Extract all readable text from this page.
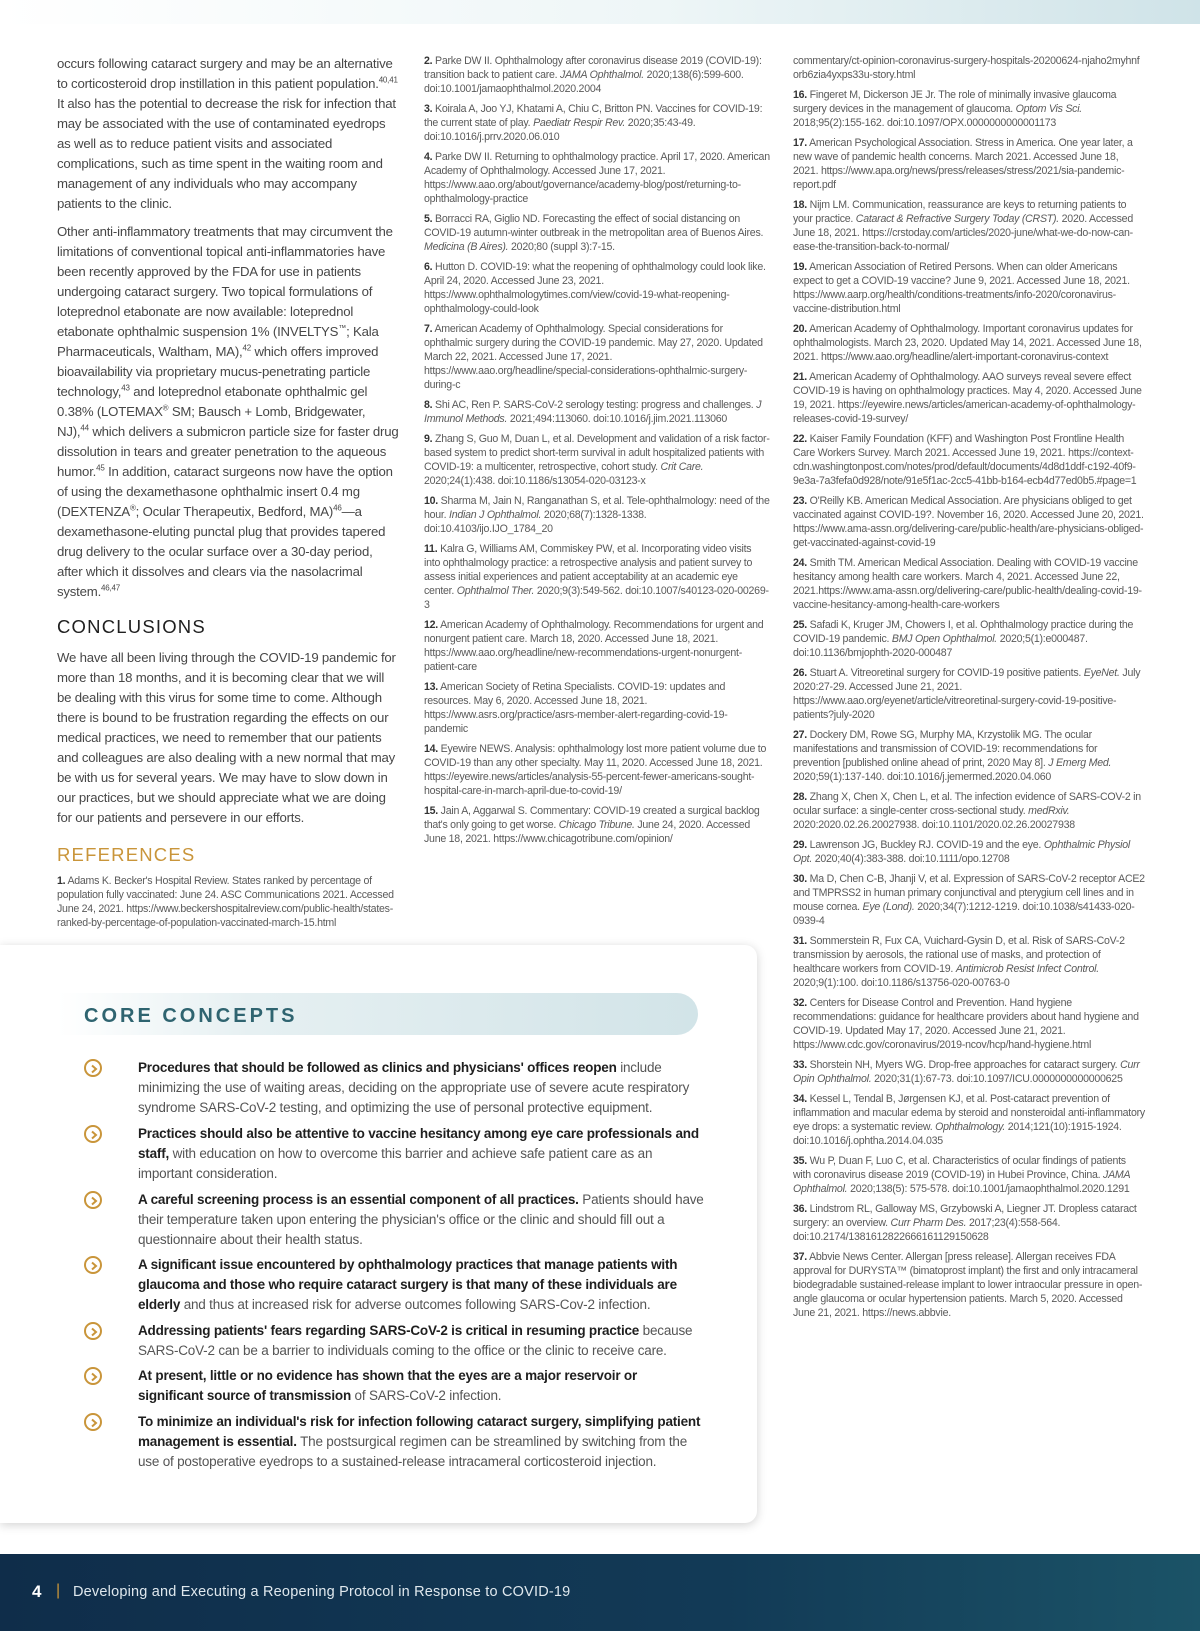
occurs following cataract surgery and may be an alternative to corticosteroid drop instillation in this patient population.$^{40,41}$ It also has the potential to decrease the risk for infection that may be associated with the use of contaminated eyedrops as well as to reduce patient visits and associated complications, such as time spent in the waiting room and management of any individuals who may accompany patients to the clinic.

Other anti-inflammatory treatments that may circumvent the limitations of conventional topical anti-inflammatories have been recently approved by the FDA for use in patients undergoing cataract surgery. Two topical formulations of loteprednol etabonate are now available: loteprednol etabonate ophthalmic suspension 1% (INVELTYS™; Kala Pharmaceuticals, Waltham, MA),$^{42}$ which offers improved bioavailability via proprietary mucus-penetrating particle technology,$^{43}$ and loteprednol etabonate ophthalmic gel 0.38% (LOTEMAX® SM; Bausch + Lomb, Bridgewater, NJ),$^{44}$ which delivers a submicron particle size for faster drug dissolution in tears and greater penetration to the aqueous humor.$^{45}$ In addition, cataract surgeons now have the option of using the dexamethasone ophthalmic insert 0.4 mg (DEXTENZA®; Ocular Therapeutix, Bedford, MA)$^{46}$—a dexamethasone-eluting punctal plug that provides tapered drug delivery to the ocular surface over a 30-day period, after which it dissolves and clears via the nasolacrimal system.$^{46,47}$

CONCLUSIONS

We have all been living through the COVID-19 pandemic for more than 18 months, and it is becoming clear that we will be dealing with this virus for some time to come. Although there is bound to be frustration regarding the effects on our medical practices, we need to remember that our patients and colleagues are also dealing with a new normal that may be with us for several years. We may have to slow down in our practices, but we should appreciate what we are doing for our patients and persevere in our efforts.

REFERENCES

1. Adams K. Becker's Hospital Review. States ranked by percentage of population fully vaccinated: June 24. ASC Communications 2021. Accessed June 24, 2021. https://www.beckershospitalreview.com/public-health/states-ranked-by-percentage-of-population-vaccinated-march-15.html

2. Parke DW II. Ophthalmology after coronavirus disease 2019 (COVID-19): transition back to patient care. JAMA Ophthalmol. 2020;138(6):599-600. doi:10.1001/jamaophthalmol.2020.2004

3. Koirala A, Joo YJ, Khatami A, Chiu C, Britton PN. Vaccines for COVID-19: the current state of play. Paediatr Respir Rev. 2020;35:43-49. doi:10.1016/j.prrv.2020.06.010

4. Parke DW II. Returning to ophthalmology practice. April 17, 2020. American Academy of Ophthalmology. Accessed June 17, 2021. https://www.aao.org/about/governance/academy-blog/post/returning-to-ophthalmology-practice

5. Borracci RA, Giglio ND. Forecasting the effect of social distancing on COVID-19 autumn-winter outbreak in the metropolitan area of Buenos Aires. Medicina (B Aires). 2020;80 (suppl 3):7-15.

6. Hutton D. COVID-19: what the reopening of ophthalmology could look like. April 24, 2020. Accessed June 23, 2021. https://www.ophthalmologytimes.com/view/covid-19-what-reopening-ophthalmology-could-look

7. American Academy of Ophthalmology. Special considerations for ophthalmic surgery during the COVID-19 pandemic. May 27, 2020. Updated March 22, 2021. Accessed June 17, 2021. https://www.aao.org/headline/special-considerations-ophthalmic-surgery-during-c

8. Shi AC, Ren P. SARS-CoV-2 serology testing: progress and challenges. J Immunol Methods. 2021;494:113060. doi:10.1016/j.jim.2021.113060

9. Zhang S, Guo M, Duan L, et al. Development and validation of a risk factor-based system to predict short-term survival in adult hospitalized patients with COVID-19: a multicenter, retrospective, cohort study. Crit Care. 2020;24(1):438. doi:10.1186/s13054-020-03123-x

10. Sharma M, Jain N, Ranganathan S, et al. Tele-ophthalmology: need of the hour. Indian J Ophthalmol. 2020;68(7):1328-1338. doi:10.4103/ijo.IJO_1784_20

11. Kalra G, Williams AM, Commiskey PW, et al. Incorporating video visits into ophthalmology practice: a retrospective analysis and patient survey to assess initial experiences and patient acceptability at an academic eye center. Ophthalmol Ther. 2020;9(3):549-562. doi:10.1007/s40123-020-00269-3

12. American Academy of Ophthalmology. Recommendations for urgent and nonurgent patient care. March 18, 2020. Accessed June 18, 2021. https://www.aao.org/headline/new-recommendations-urgent-nonurgent-patient-care

13. American Society of Retina Specialists. COVID-19: updates and resources. May 6, 2020. Accessed June 18, 2021. https://www.asrs.org/practice/asrs-member-alert-regarding-covid-19-pandemic

14. Eyewire NEWS. Analysis: ophthalmology lost more patient volume due to COVID-19 than any other specialty. May 11, 2020. Accessed June 18, 2021. https://eyewire.news/articles/analysis-55-percent-fewer-americans-sought-hospital-care-in-march-april-due-to-covid-19/

15. Jain A, Aggarwal S. Commentary: COVID-19 created a surgical backlog that's only going to get worse. Chicago Tribune. June 24, 2020. Accessed June 18, 2021. https://www.chicagotribune.com/opinion/

commentary/ct-opinion-coronavirus-surgery-hospitals-20200624-njaho2myhnforb6zia4yxps33u-story.html

16. Fingeret M, Dickerson JE Jr. The role of minimally invasive glaucoma surgery devices in the management of glaucoma. Optom Vis Sci. 2018;95(2):155-162. doi:10.1097/OPX.0000000000001173

17. American Psychological Association. Stress in America. One year later, a new wave of pandemic health concerns. March 2021. Accessed June 18, 2021. https://www.apa.org/news/press/releases/stress/2021/sia-pandemic-report.pdf

18. Nijm LM. Communication, reassurance are keys to returning patients to your practice. Cataract & Refractive Surgery Today (CRST). 2020. Accessed June 18, 2021. https://crstoday.com/articles/2020-june/what-we-do-now-can-ease-the-transition-back-to-normal/

19. American Association of Retired Persons. When can older Americans expect to get a COVID-19 vaccine? June 9, 2021. Accessed June 18, 2021. https://www.aarp.org/health/conditions-treatments/info-2020/coronavirus-vaccine-distribution.html

20. American Academy of Ophthalmology. Important coronavirus updates for ophthalmologists. March 23, 2020. Updated May 14, 2021. Accessed June 18, 2021. https://www.aao.org/headline/alert-important-coronavirus-context

21. American Academy of Ophthalmology. AAO surveys reveal severe effect COVID-19 is having on ophthalmology practices. May 4, 2020. Accessed June 19, 2021. https://eyewire.news/articles/american-academy-of-ophthalmology-releases-covid-19-survey/

22. Kaiser Family Foundation (KFF) and Washington Post Frontline Health Care Workers Survey. March 2021. Accessed June 19, 2021. https://context-cdn.washingtonpost.com/notes/prod/default/documents/4d8d1ddf-c192-40f9-9e3a-7a3fefa0d928/note/91e5f1ac-2cc5-41bb-b164-ecb4d77ed0b5.#page=1

23. O'Reilly KB. American Medical Association. Are physicians obliged to get vaccinated against COVID-19?. November 16, 2020. Accessed June 20, 2021. https://www.ama-assn.org/delivering-care/public-health/are-physicians-obliged-get-vaccinated-against-covid-19

24. Smith TM. American Medical Association. Dealing with COVID-19 vaccine hesitancy among health care workers. March 4, 2021. Accessed June 22, 2021.https://www.ama-assn.org/delivering-care/public-health/dealing-covid-19-vaccine-hesitancy-among-health-care-workers

25. Safadi K, Kruger JM, Chowers I, et al. Ophthalmology practice during the COVID-19 pandemic. BMJ Open Ophthalmol. 2020;5(1):e000487. doi:10.1136/bmjophth-2020-000487

26. Stuart A. Vitreoretinal surgery for COVID-19 positive patients. EyeNet. July 2020:27-29. Accessed June 21, 2021. https://www.aao.org/eyenet/article/vitreoretinal-surgery-covid-19-positive-patients?july-2020

27. Dockery DM, Rowe SG, Murphy MA, Krzystolik MG. The ocular manifestations and transmission of COVID-19: recommendations for prevention [published online ahead of print, 2020 May 8]. J Emerg Med. 2020;59(1):137-140. doi:10.1016/j.jemermed.2020.04.060

28. Zhang X, Chen X, Chen L, et al. The infection evidence of SARS-COV-2 in ocular surface: a single-center cross-sectional study. medRxiv. 2020:2020.02.26.20027938. doi:10.1101/2020.02.26.20027938

29. Lawrenson JG, Buckley RJ. COVID-19 and the eye. Ophthalmic Physiol Opt. 2020;40(4):383-388. doi:10.1111/opo.12708

30. Ma D, Chen C-B, Jhanji V, et al. Expression of SARS-CoV-2 receptor ACE2 and TMPRSS2 in human primary conjunctival and pterygium cell lines and in mouse cornea. Eye (Lond). 2020;34(7):1212-1219. doi:10.1038/s41433-020-0939-4

31. Sommerstein R, Fux CA, Vuichard-Gysin D, et al. Risk of SARS-CoV-2 transmission by aerosols, the rational use of masks, and protection of healthcare workers from COVID-19. Antimicrob Resist Infect Control. 2020;9(1):100. doi:10.1186/s13756-020-00763-0

32. Centers for Disease Control and Prevention. Hand hygiene recommendations: guidance for healthcare providers about hand hygiene and COVID-19. Updated May 17, 2020. Accessed June 21, 2021. https://www.cdc.gov/coronavirus/2019-ncov/hcp/hand-hygiene.html

33. Shorstein NH, Myers WG. Drop-free approaches for cataract surgery. Curr Opin Ophthalmol. 2020;31(1):67-73. doi:10.1097/ICU.0000000000000625

34. Kessel L, Tendal B, Jørgensen KJ, et al. Post-cataract prevention of inflammation and macular edema by steroid and nonsteroidal anti-inflammatory eye drops: a systematic review. Ophthalmology. 2014;121(10):1915-1924. doi:10.1016/j.ophtha.2014.04.035

35. Wu P, Duan F, Luo C, et al. Characteristics of ocular findings of patients with coronavirus disease 2019 (COVID-19) in Hubei Province, China. JAMA Ophthalmol. 2020;138(5): 575-578. doi:10.1001/jamaophthalmol.2020.1291

36. Lindstrom RL, Galloway MS, Grzybowski A, Liegner JT. Dropless cataract surgery: an overview. Curr Pharm Des. 2017;23(4):558-564. doi:10.2174/1381612822666161129150628

37. Abbvie News Center. Allergan [press release]. Allergan receives FDA approval for DURYSTA™ (bimatoprost implant) the first and only intracameral biodegradable sustained-release implant to lower intraocular pressure in open-angle glaucoma or ocular hypertension patients. March 5, 2020. Accessed June 21, 2021. https://news.abbvie.

CORE CONCEPTS
Procedures that should be followed as clinics and physicians' offices reopen include minimizing the use of waiting areas, deciding on the appropriate use of severe acute respiratory syndrome SARS-CoV-2 testing, and optimizing the use of personal protective equipment.
Practices should also be attentive to vaccine hesitancy among eye care professionals and staff, with education on how to overcome this barrier and achieve safe patient care as an important consideration.
A careful screening process is an essential component of all practices. Patients should have their temperature taken upon entering the physician's office or the clinic and should fill out a questionnaire about their health status.
A significant issue encountered by ophthalmology practices that manage patients with glaucoma and those who require cataract surgery is that many of these individuals are elderly and thus at increased risk for adverse outcomes following SARS-Cov-2 infection.
Addressing patients' fears regarding SARS-CoV-2 is critical in resuming practice because SARS-CoV-2 can be a barrier to individuals coming to the office or the clinic to receive care.
At present, little or no evidence has shown that the eyes are a major reservoir or significant source of transmission of SARS-CoV-2 infection.
To minimize an individual's risk for infection following cataract surgery, simplifying patient management is essential. The postsurgical regimen can be streamlined by switching from the use of postoperative eyedrops to a sustained-release intracameral corticosteroid injection.
4 | Developing and Executing a Reopening Protocol in Response to COVID-19
